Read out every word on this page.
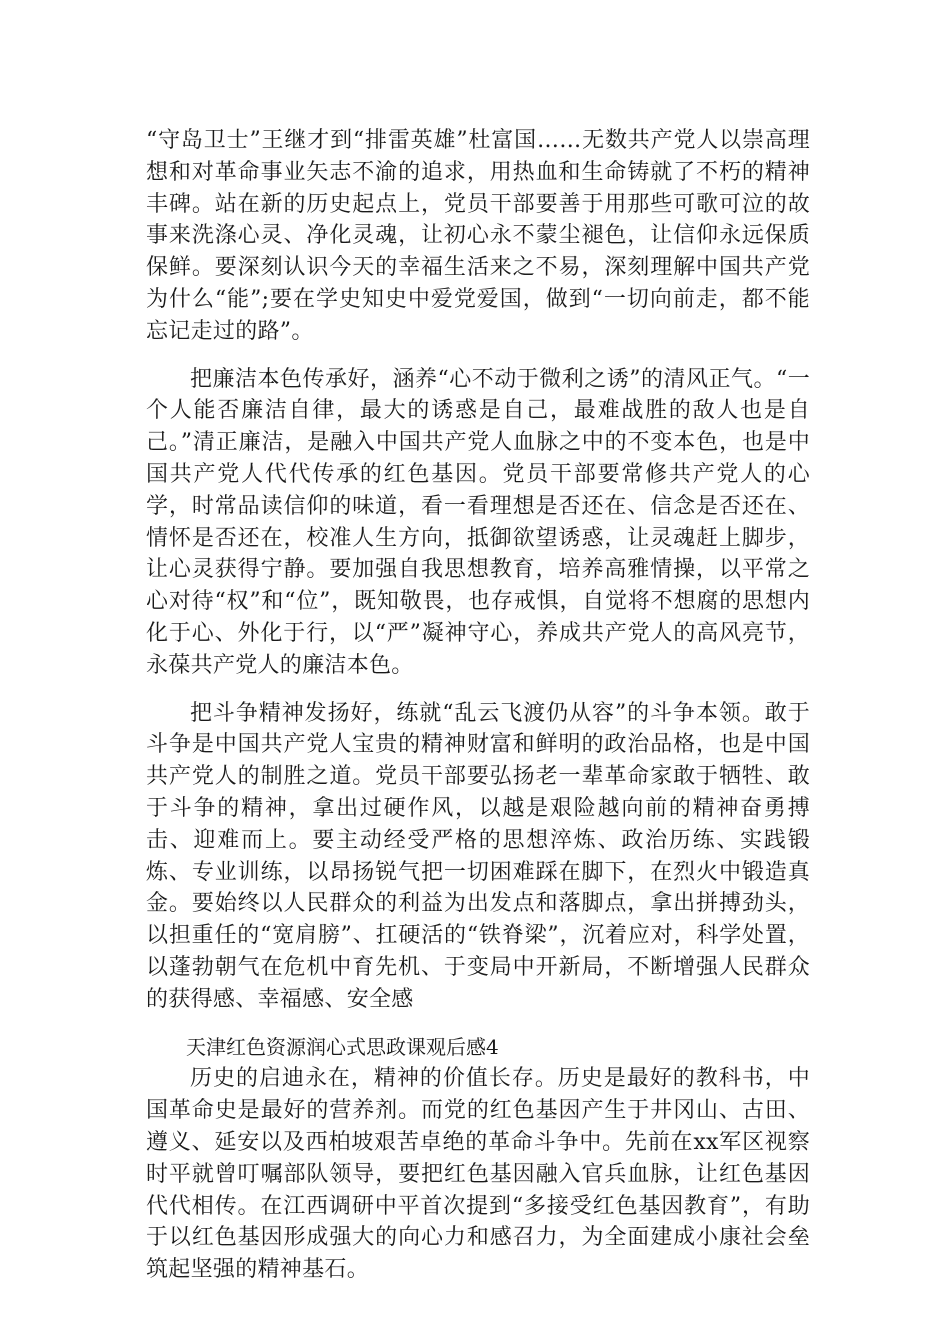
“守岛卫士”王继才到“排雷英雄”杜富国……无数共产党人以崇高理想和对革命事业矢志不渝的追求，用热血和生命铸就了不朽的精神丰碑。站在新的历史起点上，党员干部要善于用那些可歌可泣的故事来洗涤心灵、净化灵魂，让初心永不蒙尘褪色，让信仰永远保质保鲜。要深刻认识今天的幸福生活来之不易，深刻理解中国共产党为什么“能”;要在学史知史中爱党爱国，做到“一切向前走，都不能忘记走过的路”。

把廉洁本色传承好，涵养“心不动于微利之诱”的清风正气。“一个人能否廉洁自律，最大的诱惑是自己，最难战胜的敌人也是自己。”清正廉洁，是融入中国共产党人血脉之中的不变本色，也是中国共产党人代代传承的红色基因。党员干部要常修共产党人的心学，时常品读信仰的味道，看一看理想是否还在、信念是否还在、情怀是否还在，校准人生方向，抵御欲望诱惑，让灵魂赶上脚步，让心灵获得宁静。要加强自我思想教育，培养高雅情操，以平常之心对待“权”和“位”，既知敬畏，也存戒惧，自觉将不想腐的思想内化于心、外化于行，以“严”凝神守心，养成共产党人的高风亮节，永葆共产党人的廉洁本色。

把斗争精神发扬好，练就“乱云飞渡仍从容”的斗争本领。敢于斗争是中国共产党人宝贵的精神财富和鲜明的政治品格，也是中国共产党人的制胜之道。党员干部要弘扬老一辈革命家敢于牺牲、敢于斗争的精神，拿出过硬作风，以越是艰险越向前的精神奋勇搏击、迎难而上。要主动经受严格的思想淬炼、政治历练、实践锻炼、专业训练，以昂扬锐气把一切困难踩在脚下，在烈火中锻造真金。要始终以人民群众的利益为出发点和落脚点，拿出拼搏劲头，以担重任的“宽肩膀”、扛硬活的“铁脊梁”，沉着应对，科学处置，以蓬勃朝气在危机中育先机、于变局中开新局，不断增强人民群众的获得感、幸福感、安全感

天津红色资源润心式思政课观后感4

历史的启迪永在，精神的价值长存。历史是最好的教科书，中国革命史是最好的营养剂。而党的红色基因产生于井冈山、古田、遵义、延安以及西柏坡艰苦卓绝的革命斗争中。先前在xx军区视察时平就曾叮嘱部队领导，要把红色基因融入官兵血脉，让红色基因代代相传。在江西调研中平首次提到“多接受红色基因教育”，有助于以红色基因形成强大的向心力和感召力，为全面建成小康社会垒筑起坚强的精神基石。
